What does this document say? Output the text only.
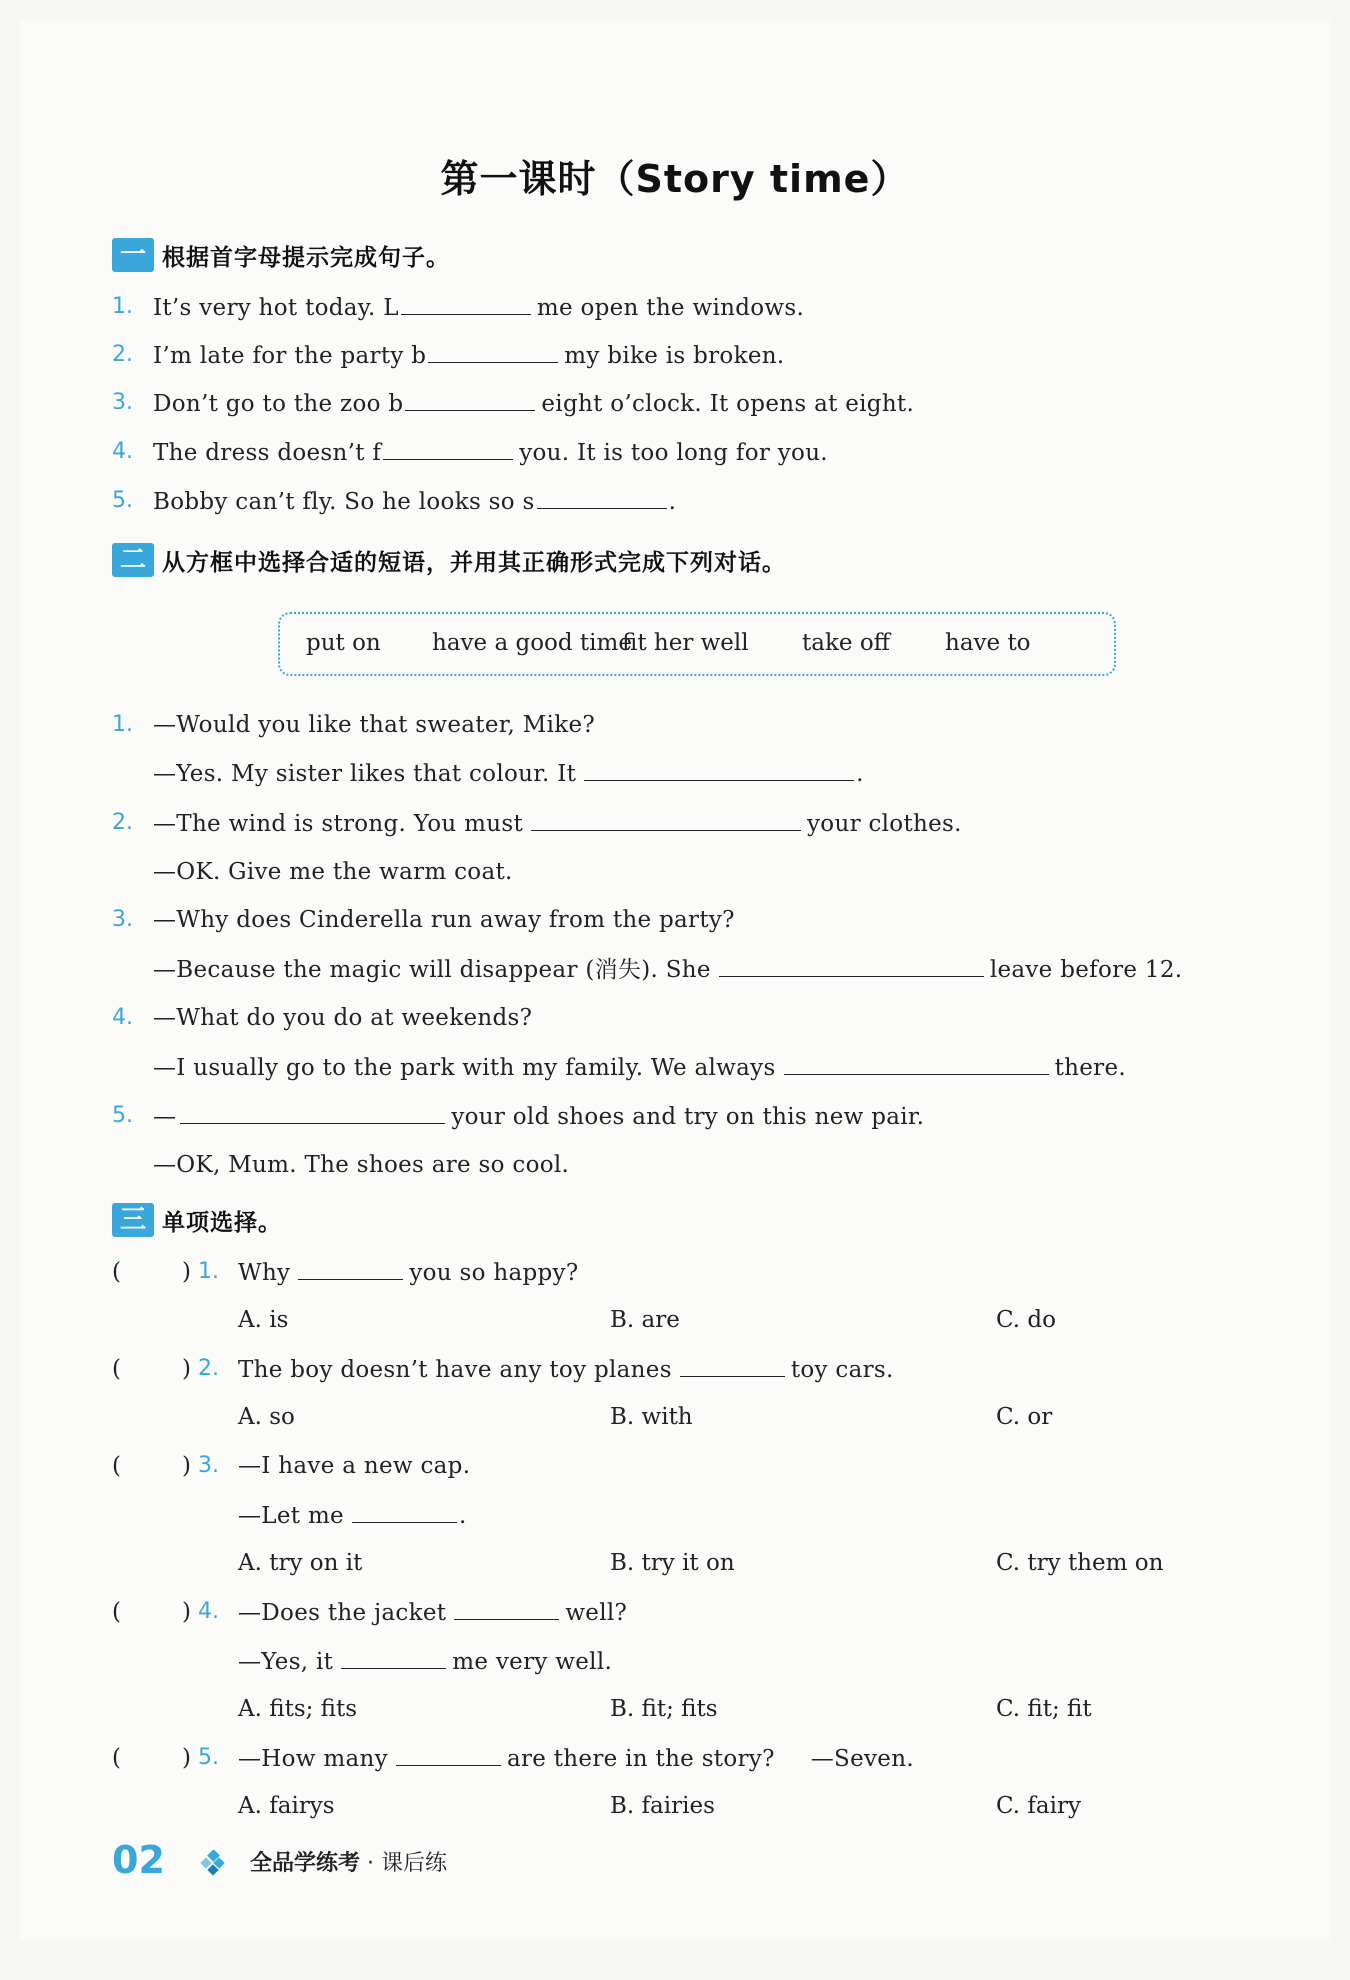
第一课时（Story time）
一 根据首字母提示完成句子。
1. It’s very hot today. L	me open the windows.
2. I’m late for the party b	my bike is broken.
3. Don’t go to the zoo b	eight o’clock. It opens at eight.
4. The dress doesn’t f	you. It is too long for you.
5. Bobby can’t fly. So he looks so s	.
二 从方框中选择合适的短语，并用其正确形式完成下列对话。
put on have a good time
fit her well take off have to
1. —Would you like that sweater, Mike?
—Yes. My sister likes that colour. It	.
2. —The wind is strong. You must	your clothes.
—OK. Give me the warm coat.
3. —Why does Cinderella run away from the party?
—Because the magic will disappear (消失). She	leave before 12.
4. —What do you do at weekends?
—I usually go to the park with my family. We always	there.
5. —	your old shoes and try on this new pair.
—OK, Mum. The shoes are so cool.
三 单项选择。
(	) 1. Why	you so happy?
A. is	B. are	C. do
(	) 2. The boy doesn’t have any toy planes	toy cars.
A. so	B. with	C. or
(	) 3. —I have a new cap.
—Let me	.
A. try on it	B. try it on	C. try them on
(	) 4. —Does the jacket	well?
—Yes, it	me very well.
A. fits; fits	B. fit; fits	C. fit; fit
(	) 5. —How many	are there in the story? —Seven.
A. fairys	B. fairies	C. fairy
02	全品学练考 · 课后练
